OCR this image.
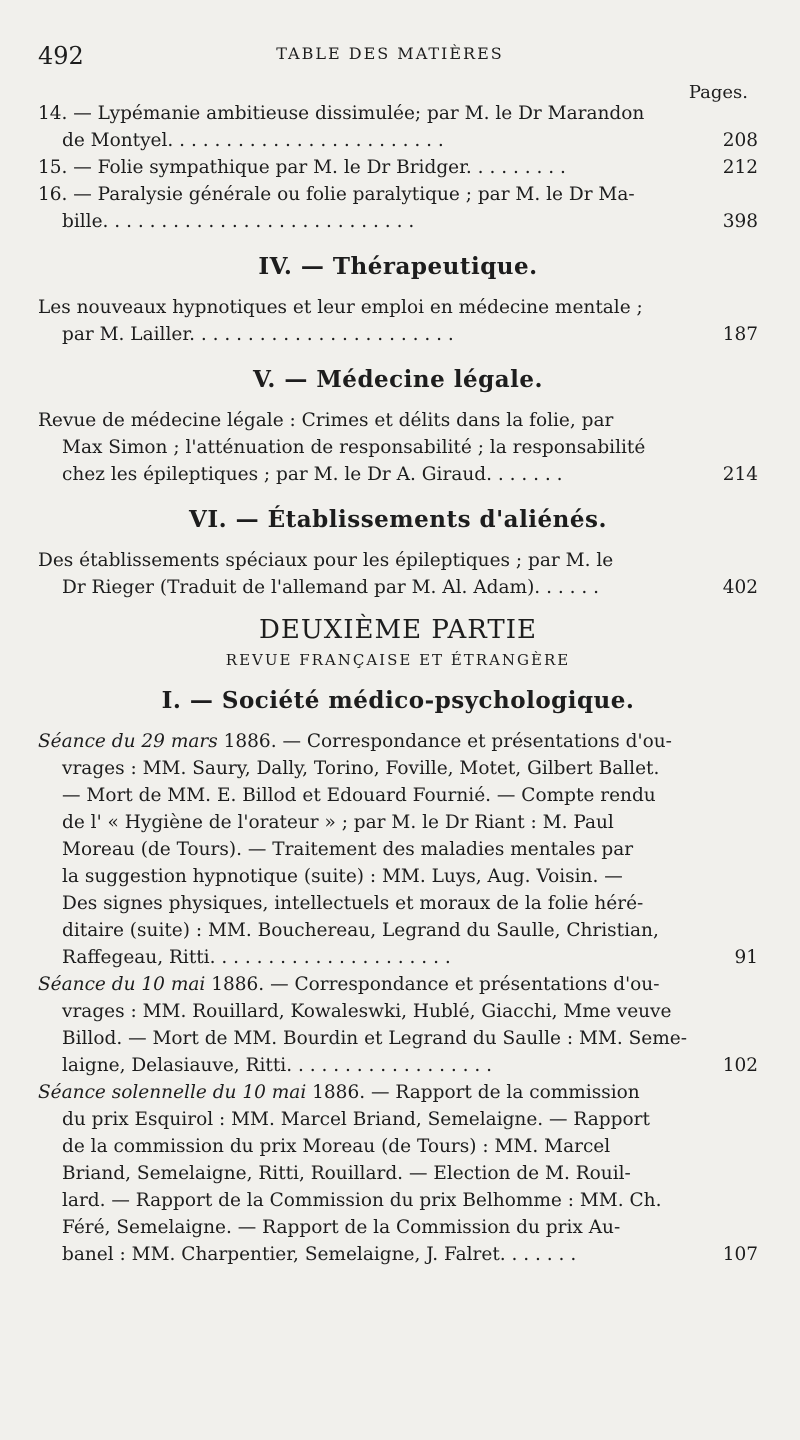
492	TABLE DES MATIÈRES
Pages.
14. — Lypémanie ambitieuse dissimulée; par M. le Dr Marandon
208
de Montyel. . . . . . . . . . . . . . . . . . . . . . . .
212
15. — Folie sympathique par M. le Dr Bridger. . . . . . . . .
16. — Paralysie générale ou folie paralytique ; par M. le Dr Ma-
398
bille. . . . . . . . . . . . . . . . . . . . . . . . . . .
IV. — Thérapeutique.
Les nouveaux hypnotiques et leur emploi en médecine mentale ;
187
par M. Lailler. . . . . . . . . . . . . . . . . . . . . . .
V. — Médecine légale.
Revue de médecine légale : Crimes et délits dans la folie, par
Max Simon ; l'atténuation de responsabilité ; la responsabilité
214
chez les épileptiques ; par M. le Dr A. Giraud. . . . . . .
VI. — Établissements d'aliénés.
Des établissements spéciaux pour les épileptiques ; par M. le
402
Dr Rieger (Traduit de l'allemand par M. Al. Adam). . . . . .
DEUXIÈME PARTIE
REVUE FRANÇAISE ET ÉTRANGÈRE
I. — Société médico-psychologique.
Séance du 29 mars 1886. — Correspondance et présentations d'ou-
vrages : MM. Saury, Dally, Torino, Foville, Motet, Gilbert Ballet.
— Mort de MM. E. Billod et Edouard Fournié. — Compte rendu
de l' « Hygiène de l'orateur » ; par M. le Dr Riant : M. Paul
Moreau (de Tours). — Traitement des maladies mentales par
la suggestion hypnotique (suite) : MM. Luys, Aug. Voisin. —
Des signes physiques, intellectuels et moraux de la folie héré-
ditaire (suite) : MM. Bouchereau, Legrand du Saulle, Christian,
91
Raffegeau, Ritti. . . . . . . . . . . . . . . . . . . . .
Séance du 10 mai 1886. — Correspondance et présentations d'ou-
vrages : MM. Rouillard, Kowaleswki, Hublé, Giacchi, Mme veuve
Billod. — Mort de MM. Bourdin et Legrand du Saulle : MM. Seme-
102
laigne, Delasiauve, Ritti. . . . . . . . . . . . . . . . . .
Séance solennelle du 10 mai 1886. — Rapport de la commission
du prix Esquirol : MM. Marcel Briand, Semelaigne. — Rapport
de la commission du prix Moreau (de Tours) : MM. Marcel
Briand, Semelaigne, Ritti, Rouillard. — Election de M. Rouil-
lard. — Rapport de la Commission du prix Belhomme : MM. Ch.
Féré, Semelaigne. — Rapport de la Commission du prix Au-
107
banel : MM. Charpentier, Semelaigne, J. Falret. . . . . . .
